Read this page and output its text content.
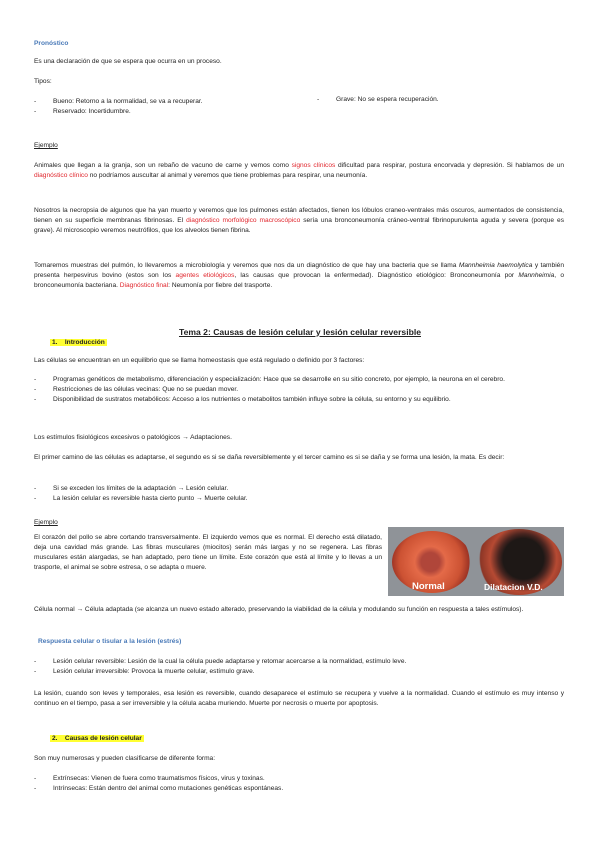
Pronóstico

Es una declaración de que se espera que ocurra en un proceso.

Tipos:

- Bueno: Retorno a la normalidad, se va a recuperar.
- Reservado: Incertidumbre.
- Grave: No se espera recuperación.

Ejemplo

Animales que llegan a la granja, son un rebaño de vacuno de carne y vemos como signos clínicos dificultad para respirar, postura encorvada y depresión. Si hablamos de un diagnóstico clínico no podríamos auscultar al animal y veremos que tiene problemas para respirar, una neumonía.

Nosotros la necropsia de algunos que ha yan muerto y veremos que los pulmones están afectados, tienen los lóbulos craneo-ventrales más oscuros, aumentados de consistencia, tienen en su superficie membranas fibrinosas. El diagnóstico morfológico macroscópico sería una bronconeumonía cráneo-ventral fibrinopurulenta aguda y severa (porque es grave). Al microscopio veremos neutrófilos, que los alveolos tienen fibrina.

Tomaremos muestras del pulmón, lo llevaremos a microbiología y veremos que nos da un diagnóstico de que hay una bacteria que se llama Mannheimia haemolytica y también presenta herpesvirus bovino (estos son los agentes etiológicos, las causas que provocan la enfermedad). Diagnóstico etiológico: Bronconeumonía por Mannheimia, o bronconeumonía bacteriana. Diagnóstico final: Neumonía por fiebre del trasporte.

Tema 2: Causas de lesión celular y lesión celular reversible

1. Introducción

Las células se encuentran en un equilibrio que se llama homeostasis que está regulado o definido por 3 factores:

- Programas genéticos de metabolismo, diferenciación y especialización: Hace que se desarrolle en su sitio concreto, por ejemplo, la neurona en el cerebro.
- Restricciones de las células vecinas: Que no se puedan mover.
- Disponibilidad de sustratos metabólicos: Acceso a los nutrientes o metabolitos también influye sobre la célula, su entorno y su equilibrio.

Los estímulos fisiológicos excesivos o patológicos → Adaptaciones.

El primer camino de las células es adaptarse, el segundo es si se daña reversiblemente y el tercer camino es si se daña y se forma una lesión, la mata. Es decir:

- Si se exceden los límites de la adaptación → Lesión celular.
- La lesión celular es reversible hasta cierto punto → Muerte celular.

Ejemplo

El corazón del pollo se abre cortando transversalmente. El izquierdo vemos que es normal. El derecho está dilatado, deja una cavidad más grande. Las fibras musculares (miocitos) serán más largas y no se regenera. Las fibras musculares están alargadas, se han adaptado, pero tiene un límite. Este corazón que está al límite y lo llevas a un trasporte, el animal se sobre estresa, o se adapta o muere.

Normal	Dilatacion V.D.

Célula normal → Célula adaptada (se alcanza un nuevo estado alterado, preservando la viabilidad de la célula y modulando su función en respuesta a tales estímulos).

Respuesta celular o tisular a la lesión (estrés)

- Lesión celular reversible: Lesión de la cual la célula puede adaptarse y retomar acercarse a la normalidad, estímulo leve.
- Lesión celular irreversible: Provoca la muerte celular, estímulo grave.

La lesión, cuando son leves y temporales, esa lesión es reversible, cuando desaparece el estímulo se recupera y vuelve a la normalidad. Cuando el estímulo es muy intenso y continuo en el tiempo, pasa a ser irreversible y la célula acaba muriendo. Muerte por necrosis o muerte por apoptosis.

2. Causas de lesión celular

Son muy numerosas y pueden clasificarse de diferente forma:

- Extrínsecas: Vienen de fuera como traumatismos físicos, virus y toxinas.
- Intrínsecas: Están dentro del animal como mutaciones genéticas espontáneas.
